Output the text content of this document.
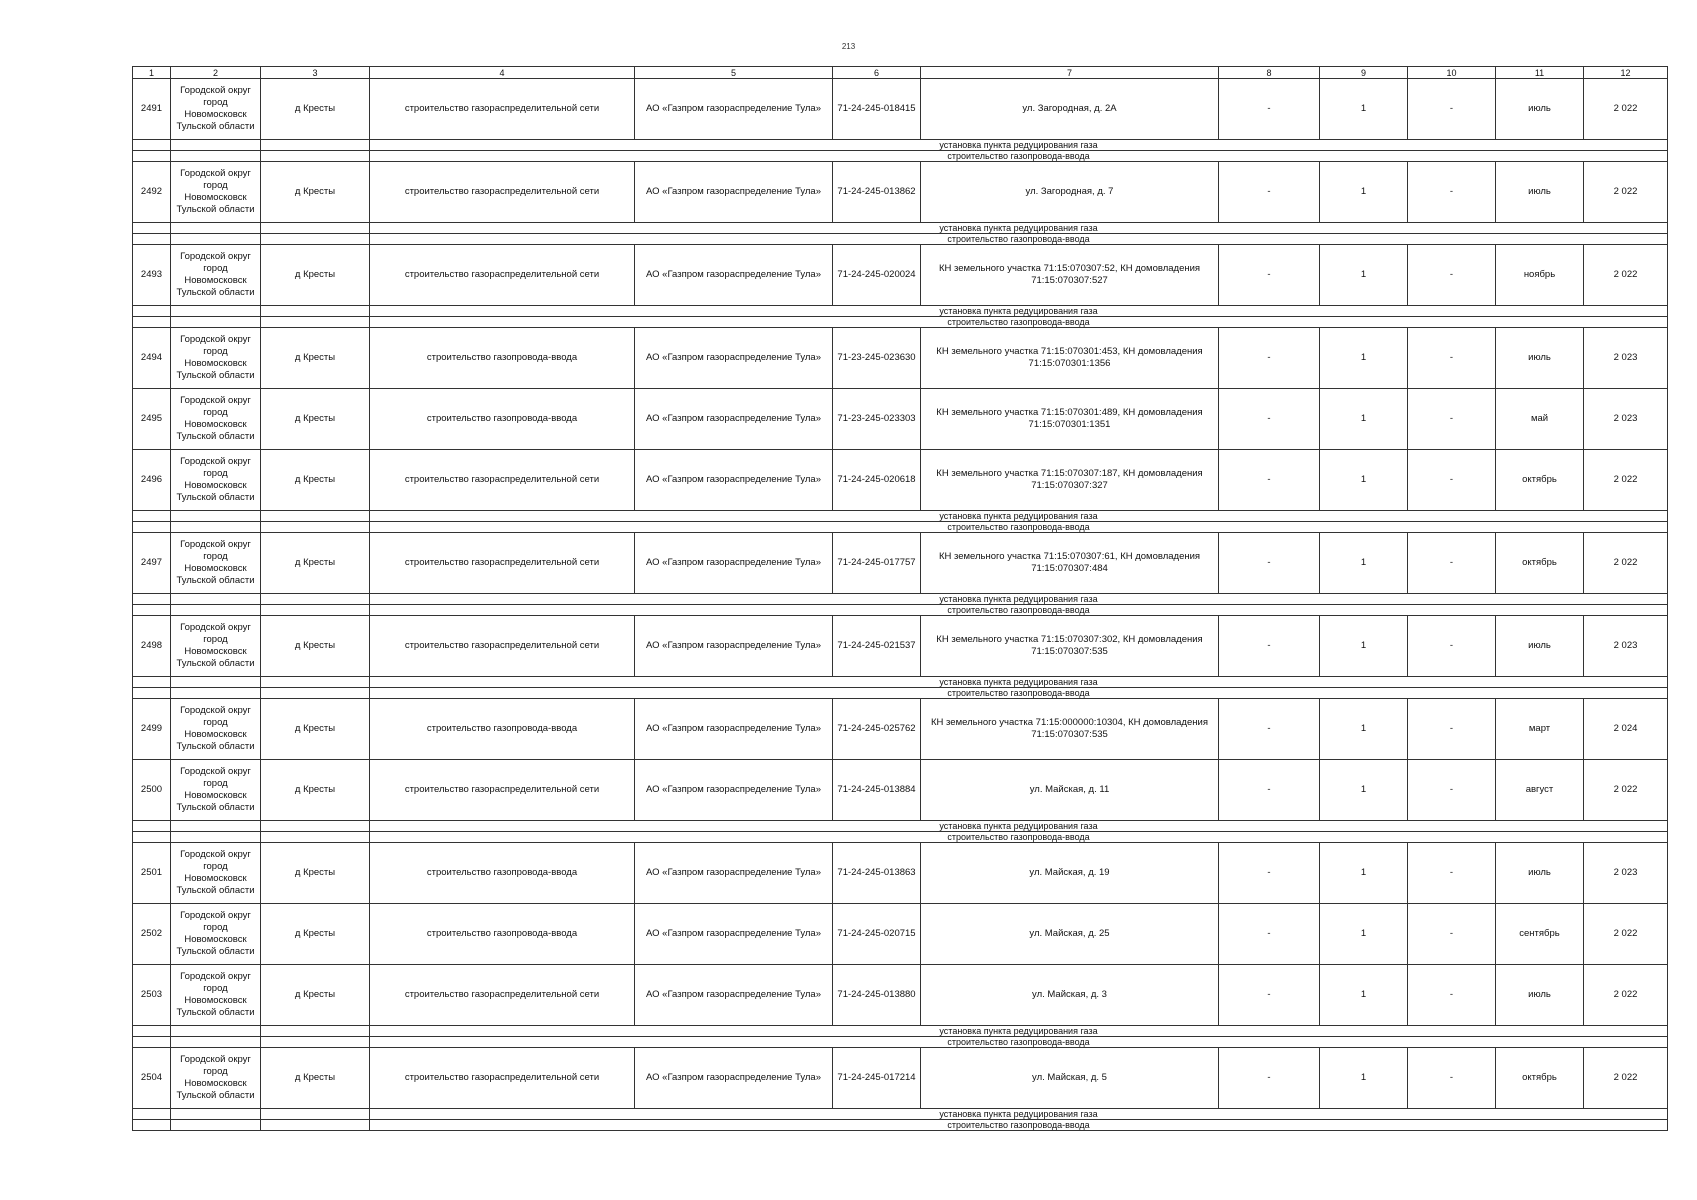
213
1	2	3	4	5	6	7	8	9	10	11	12
2491	Городской округ
город
Новомосковск
Тульской области	д Кресты	строительство газораспределительной сети	АО «Газпром газораспределение Тула»	71-24-245-018415	ул. Загородная, д. 2А	-	1	-	июль	2 022
			установка пункта редуцирования газа								
			строительство газопровода-ввода								
2492	Городской округ
город
Новомосковск
Тульской области	д Кресты	строительство газораспределительной сети	АО «Газпром газораспределение Тула»	71-24-245-013862	ул. Загородная, д. 7	-	1	-	июль	2 022
			установка пункта редуцирования газа								
			строительство газопровода-ввода								
2493	Городской округ
город
Новомосковск
Тульской области	д Кресты	строительство газораспределительной сети	АО «Газпром газораспределение Тула»	71-24-245-020024	КН земельного участка 71:15:070307:52, КН домовладения 71:15:070307:527	-	1	-	ноябрь	2 022
			установка пункта редуцирования газа								
			строительство газопровода-ввода								
2494	Городской округ
город
Новомосковск
Тульской области	д Кресты	строительство газопровода-ввода	АО «Газпром газораспределение Тула»	71-23-245-023630	КН земельного участка 71:15:070301:453, КН домовладения 71:15:070301:1356	-	1	-	июль	2 023
2495	Городской округ
город
Новомосковск
Тульской области	д Кресты	строительство газопровода-ввода	АО «Газпром газораспределение Тула»	71-23-245-023303	КН земельного участка 71:15:070301:489, КН домовладения 71:15:070301:1351	-	1	-	май	2 023
2496	Городской округ
город
Новомосковск
Тульской области	д Кресты	строительство газораспределительной сети	АО «Газпром газораспределение Тула»	71-24-245-020618	КН земельного участка 71:15:070307:187, КН домовладения 71:15:070307:327	-	1	-	октябрь	2 022
			установка пункта редуцирования газа								
			строительство газопровода-ввода								
2497	Городской округ
город
Новомосковск
Тульской области	д Кресты	строительство газораспределительной сети	АО «Газпром газораспределение Тула»	71-24-245-017757	КН земельного участка 71:15:070307:61, КН домовладения 71:15:070307:484	-	1	-	октябрь	2 022
			установка пункта редуцирования газа								
			строительство газопровода-ввода								
2498	Городской округ
город
Новомосковск
Тульской области	д Кресты	строительство газораспределительной сети	АО «Газпром газораспределение Тула»	71-24-245-021537	КН земельного участка 71:15:070307:302, КН домовладения 71:15:070307:535	-	1	-	июль	2 023
			установка пункта редуцирования газа								
			строительство газопровода-ввода								
2499	Городской округ
город
Новомосковск
Тульской области	д Кресты	строительство газопровода-ввода	АО «Газпром газораспределение Тула»	71-24-245-025762	КН земельного участка 71:15:000000:10304, КН домовладения 71:15:070307:535	-	1	-	март	2 024
2500	Городской округ
город
Новомосковск
Тульской области	д Кресты	строительство газораспределительной сети	АО «Газпром газораспределение Тула»	71-24-245-013884	ул. Майская, д. 11	-	1	-	август	2 022
			установка пункта редуцирования газа								
			строительство газопровода-ввода								
2501	Городской округ
город
Новомосковск
Тульской области	д Кресты	строительство газопровода-ввода	АО «Газпром газораспределение Тула»	71-24-245-013863	ул. Майская, д. 19	-	1	-	июль	2 023
2502	Городской округ
город
Новомосковск
Тульской области	д Кресты	строительство газопровода-ввода	АО «Газпром газораспределение Тула»	71-24-245-020715	ул. Майская, д. 25	-	1	-	сентябрь	2 022
2503	Городской округ
город
Новомосковск
Тульской области	д Кресты	строительство газораспределительной сети	АО «Газпром газораспределение Тула»	71-24-245-013880	ул. Майская, д. 3	-	1	-	июль	2 022
			установка пункта редуцирования газа								
			строительство газопровода-ввода								
2504	Городской округ
город
Новомосковск
Тульской области	д Кресты	строительство газораспределительной сети	АО «Газпром газораспределение Тула»	71-24-245-017214	ул. Майская, д. 5	-	1	-	октябрь	2 022
			установка пункта редуцирования газа								
			строительство газопровода-ввода								
